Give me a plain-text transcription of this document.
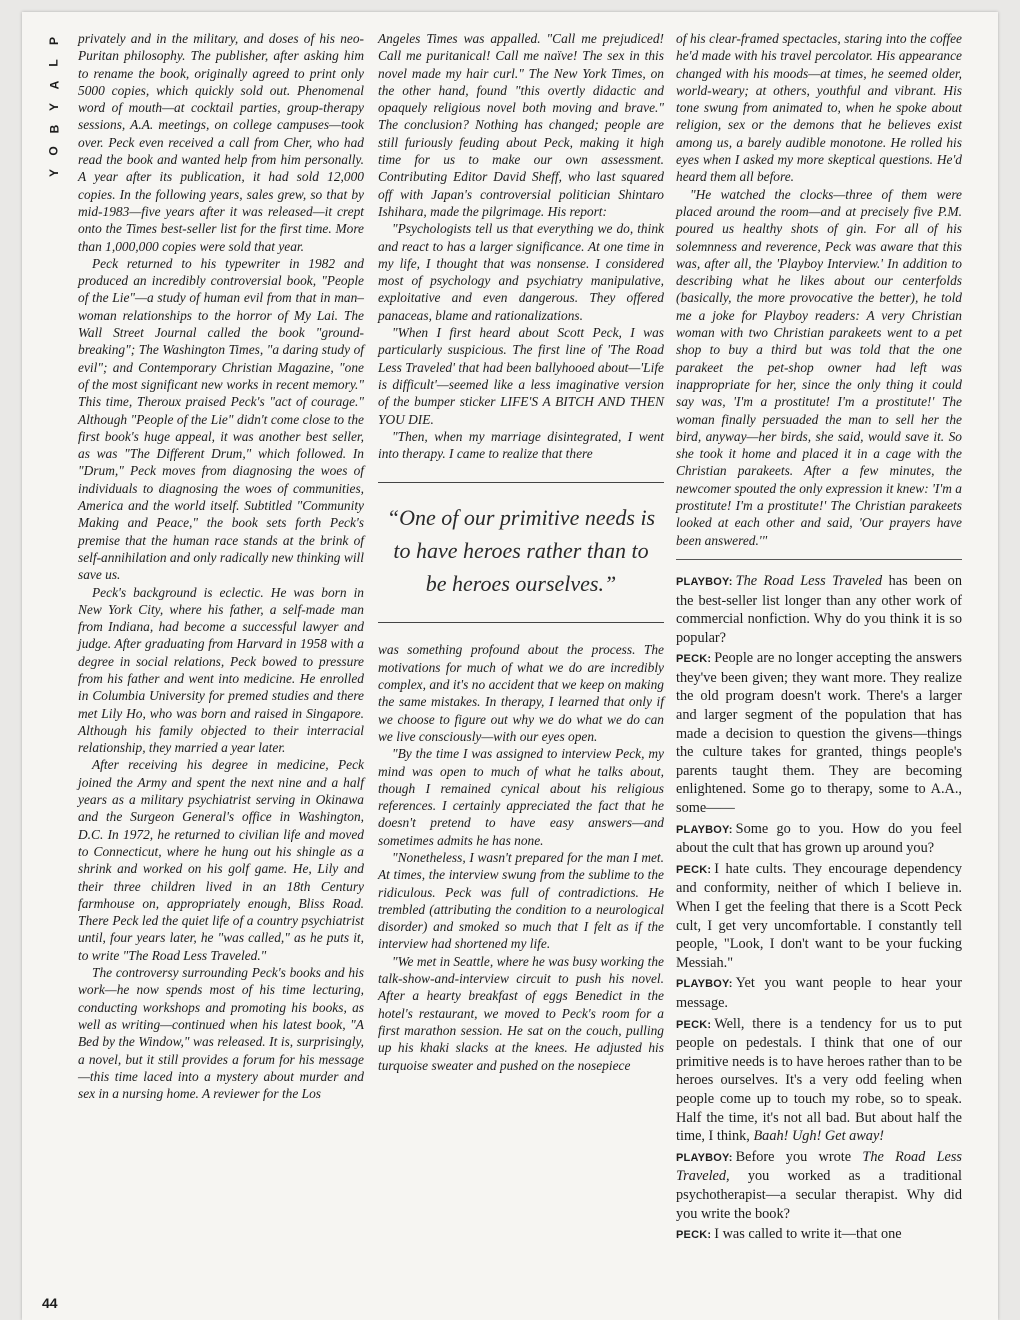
P
L
A
Y
B
O
Y
44

privately and in the military, and doses of his neo-Puritan philosophy. The publisher, after asking him to rename the book, originally agreed to print only 5000 copies, which quickly sold out. Phenomenal word of mouth—at cocktail parties, group-therapy sessions, A.A. meetings, on college campuses—took over. Peck even received a call from Cher, who had read the book and wanted help from him personally. A year after its publication, it had sold 12,000 copies. In the following years, sales grew, so that by mid-1983—five years after it was released—it crept onto the Times best-seller list for the first time. More than 1,000,000 copies were sold that year.

Peck returned to his typewriter in 1982 and produced an incredibly controversial book, "People of the Lie"—a study of human evil from that in man–woman relationships to the horror of My Lai. The Wall Street Journal called the book "ground-breaking"; The Washington Times, "a daring study of evil"; and Contemporary Christian Magazine, "one of the most significant new works in recent memory." This time, Theroux praised Peck's "act of courage." Although "People of the Lie" didn't come close to the first book's huge appeal, it was another best seller, as was "The Different Drum," which followed. In "Drum," Peck moves from diagnosing the woes of individuals to diagnosing the woes of communities, America and the world itself. Subtitled "Community Making and Peace," the book sets forth Peck's premise that the human race stands at the brink of self-annihilation and only radically new thinking will save us.

Peck's background is eclectic. He was born in New York City, where his father, a self-made man from Indiana, had become a successful lawyer and judge. After graduating from Harvard in 1958 with a degree in social relations, Peck bowed to pressure from his father and went into medicine. He enrolled in Columbia University for premed studies and there met Lily Ho, who was born and raised in Singapore. Although his family objected to their interracial relationship, they married a year later.

After receiving his degree in medicine, Peck joined the Army and spent the next nine and a half years as a military psychiatrist serving in Okinawa and the Surgeon General's office in Washington, D.C. In 1972, he returned to civilian life and moved to Connecticut, where he hung out his shingle as a shrink and worked on his golf game. He, Lily and their three children lived in an 18th Century farmhouse on, appropriately enough, Bliss Road. There Peck led the quiet life of a country psychiatrist until, four years later, he "was called," as he puts it, to write "The Road Less Traveled."

The controversy surrounding Peck's books and his work—he now spends most of his time lecturing, conducting workshops and promoting his books, as well as writing—continued when his latest book, "A Bed by the Window," was released. It is, surprisingly, a novel, but it still provides a forum for his message—this time laced into a mystery about murder and sex in a nursing home. A reviewer for the Los

Angeles Times was appalled. "Call me prejudiced! Call me puritanical! Call me naïve! The sex in this novel made my hair curl." The New York Times, on the other hand, found "this overtly didactic and opaquely religious novel both moving and brave." The conclusion? Nothing has changed; people are still furiously feuding about Peck, making it high time for us to make our own assessment. Contributing Editor David Sheff, who last squared off with Japan's controversial politician Shintaro Ishihara, made the pilgrimage. His report:

"Psychologists tell us that everything we do, think and react to has a larger significance. At one time in my life, I thought that was nonsense. I considered most of psychology and psychiatry manipulative, exploitative and even dangerous. They offered panaceas, blame and rationalizations.

"When I first heard about Scott Peck, I was particularly suspicious. The first line of 'The Road Less Traveled' that had been ballyhooed about—'Life is difficult'—seemed like a less imaginative version of the bumper sticker LIFE'S A BITCH AND THEN YOU DIE.

"Then, when my marriage disintegrated, I went into therapy. I came to realize that there

“One of our primitive needs is to have heroes rather than to be heroes ourselves.”

was something profound about the process. The motivations for much of what we do are incredibly complex, and it's no accident that we keep on making the same mistakes. In therapy, I learned that only if we choose to figure out why we do what we do can we live consciously—with our eyes open.

"By the time I was assigned to interview Peck, my mind was open to much of what he talks about, though I remained cynical about his religious references. I certainly appreciated the fact that he doesn't pretend to have easy answers—and sometimes admits he has none.

"Nonetheless, I wasn't prepared for the man I met. At times, the interview swung from the sublime to the ridiculous. Peck was full of contradictions. He trembled (attributing the condition to a neurological disorder) and smoked so much that I felt as if the interview had shortened my life.

"We met in Seattle, where he was busy working the talk-show-and-interview circuit to push his novel. After a hearty breakfast of eggs Benedict in the hotel's restaurant, we moved to Peck's room for a first marathon session. He sat on the couch, pulling up his khaki slacks at the knees. He adjusted his turquoise sweater and pushed on the nosepiece

of his clear-framed spectacles, staring into the coffee he'd made with his travel percolator. His appearance changed with his moods—at times, he seemed older, world-weary; at others, youthful and vibrant. His tone swung from animated to, when he spoke about religion, sex or the demons that he believes exist among us, a barely audible monotone. He rolled his eyes when I asked my more skeptical questions. He'd heard them all before.

"He watched the clocks—three of them were placed around the room—and at precisely five P.M. poured us healthy shots of gin. For all of his solemnness and reverence, Peck was aware that this was, after all, the 'Playboy Interview.' In addition to describing what he likes about our centerfolds (basically, the more provocative the better), he told me a joke for Playboy readers: A very Christian woman with two Christian parakeets went to a pet shop to buy a third but was told that the one parakeet the pet-shop owner had left was inappropriate for her, since the only thing it could say was, 'I'm a prostitute! I'm a prostitute!' The woman finally persuaded the man to sell her the bird, anyway—her birds, she said, would save it. So she took it home and placed it in a cage with the Christian parakeets. After a few minutes, the newcomer spouted the only expression it knew: 'I'm a prostitute! I'm a prostitute!' The Christian parakeets looked at each other and said, 'Our prayers have been answered.'"

PLAYBOY: The Road Less Traveled has been on the best-seller list longer than any other work of commercial nonfiction. Why do you think it is so popular?

PECK: People are no longer accepting the answers they've been given; they want more. They realize the old program doesn't work. There's a larger and larger segment of the population that has made a decision to question the givens—things the culture takes for granted, things people's parents taught them. They are becoming enlightened. Some go to therapy, some to A.A., some——

PLAYBOY: Some go to you. How do you feel about the cult that has grown up around you?

PECK: I hate cults. They encourage dependency and conformity, neither of which I believe in. When I get the feeling that there is a Scott Peck cult, I get very uncomfortable. I constantly tell people, "Look, I don't want to be your fucking Messiah."

PLAYBOY: Yet you want people to hear your message.

PECK: Well, there is a tendency for us to put people on pedestals. I think that one of our primitive needs is to have heroes rather than to be heroes ourselves. It's a very odd feeling when people come up to touch my robe, so to speak. Half the time, it's not all bad. But about half the time, I think, Baah! Ugh! Get away!

PLAYBOY: Before you wrote The Road Less Traveled, you worked as a traditional psychotherapist—a secular therapist. Why did you write the book?

PECK: I was called to write it—that one
